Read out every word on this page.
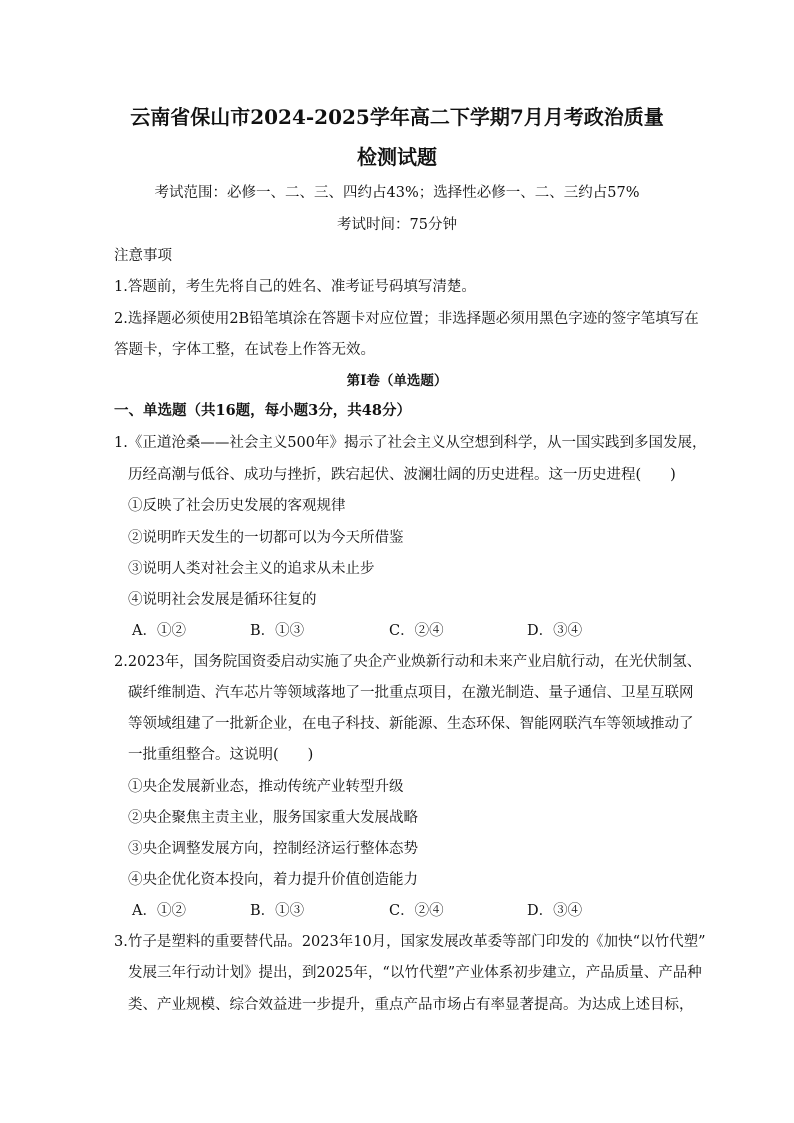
云南省保山市2024-2025学年高二下学期7月月考政治质量
检测试题
考试范围：必修一、二、三、四约占43%；选择性必修一、二、三约占57%
考试时间：75分钟
注意事项
1.答题前，考生先将自己的姓名、准考证号码填写清楚。
2.选择题必须使用2B铅笔填涂在答题卡对应位置；非选择题必须用黑色字迹的签字笔填写在
答题卡，字体工整，在试卷上作答无效。
第I卷（单选题）
一、单选题（共16题，每小题3分，共48分）
1.《正道沧桑——社会主义500年》揭示了社会主义从空想到科学，从一国实践到多国发展，
历经高潮与低谷、成功与挫折，跌宕起伏、波澜壮阔的历史进程。这一历史进程(　　)
①反映了社会历史发展的客观规律
②说明昨天发生的一切都可以为今天所借鉴
③说明人类对社会主义的追求从未止步
④说明社会发展是循环往复的
A．①②	B．①③	C．②④	D．③④
2.2023年，国务院国资委启动实施了央企产业焕新行动和未来产业启航行动，在光伏制氢、
碳纤维制造、汽车芯片等领域落地了一批重点项目，在激光制造、量子通信、卫星互联网
等领域组建了一批新企业，在电子科技、新能源、生态环保、智能网联汽车等领域推动了
一批重组整合。这说明(　　)
①央企发展新业态，推动传统产业转型升级
②央企聚焦主责主业，服务国家重大发展战略
③央企调整发展方向，控制经济运行整体态势
④央企优化资本投向，着力提升价值创造能力
A．①②	B．①③	C．②④	D．③④
3.竹子是塑料的重要替代品。2023年10月，国家发展改革委等部门印发的《加快“以竹代塑”
发展三年行动计划》提出，到2025年，“以竹代塑”产业体系初步建立，产品质量、产品种
类、产业规模、综合效益进一步提升，重点产品市场占有率显著提高。为达成上述目标，
